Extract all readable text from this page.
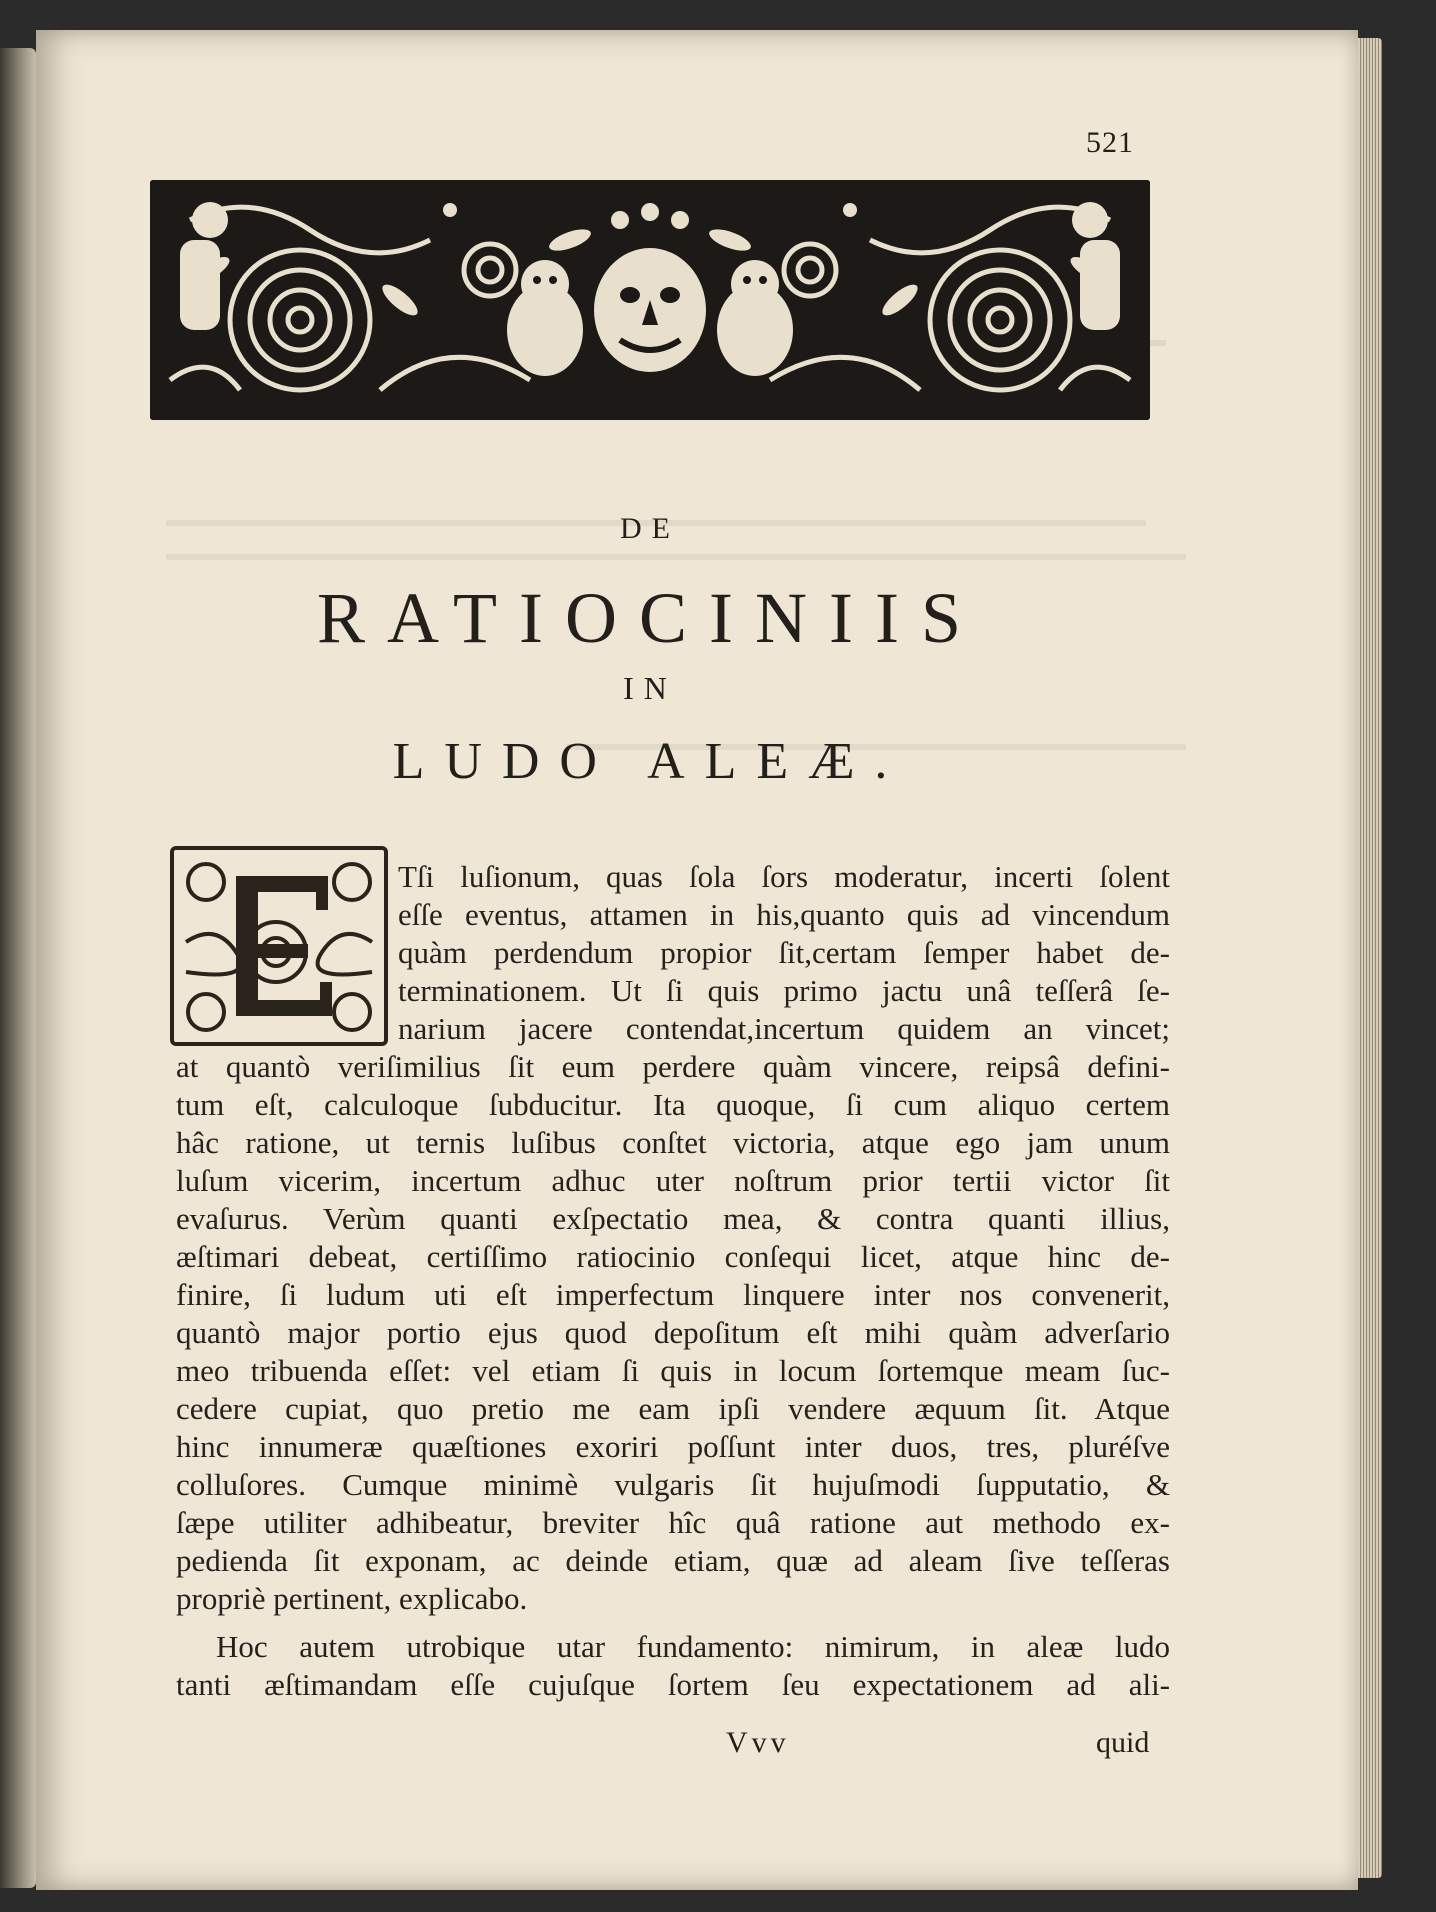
521
DE
RATIOCINIIS
IN
LUDO ALEÆ.
Tſi luſionum, quas ſola ſors moderatur, incerti ſolent
eſſe eventus, attamen in his,quanto quis ad vincendum
quàm perdendum propior ſit,certam ſemper habet de-
terminationem. Ut ſi quis primo jactu unâ teſſerâ ſe-
narium jacere contendat,incertum quidem an vincet;
at quantò veriſimilius ſit eum perdere quàm vincere, reipsâ defini-
tum eſt, calculoque ſubducitur. Ita quoque, ſi cum aliquo certem
hâc ratione, ut ternis luſibus conſtet victoria, atque ego jam unum
luſum vicerim, incertum adhuc uter noſtrum prior tertii victor ſit
evaſurus. Verùm quanti exſpectatio mea, & contra quanti illius,
æſtimari debeat, certiſſimo ratiocinio conſequi licet, atque hinc de-
finire, ſi ludum uti eſt imperfectum linquere inter nos convenerit,
quantò major portio ejus quod depoſitum eſt mihi quàm adverſario
meo tribuenda eſſet: vel etiam ſi quis in locum ſortemque meam ſuc-
cedere cupiat, quo pretio me eam ipſi vendere æquum ſit. Atque
hinc innumeræ quæſtiones exoriri poſſunt inter duos, tres, pluréſve
colluſores. Cumque minimè vulgaris ſit hujuſmodi ſupputatio, &
ſæpe utiliter adhibeatur, breviter hîc quâ ratione aut methodo ex-
pedienda ſit exponam, ac deinde etiam, quæ ad aleam ſive teſſeras
propriè pertinent, explicabo.
Hoc autem utrobique utar fundamento: nimirum, in aleæ ludo
tanti æſtimandam eſſe cujuſque ſortem ſeu expectationem ad ali-
Vvv	quid
